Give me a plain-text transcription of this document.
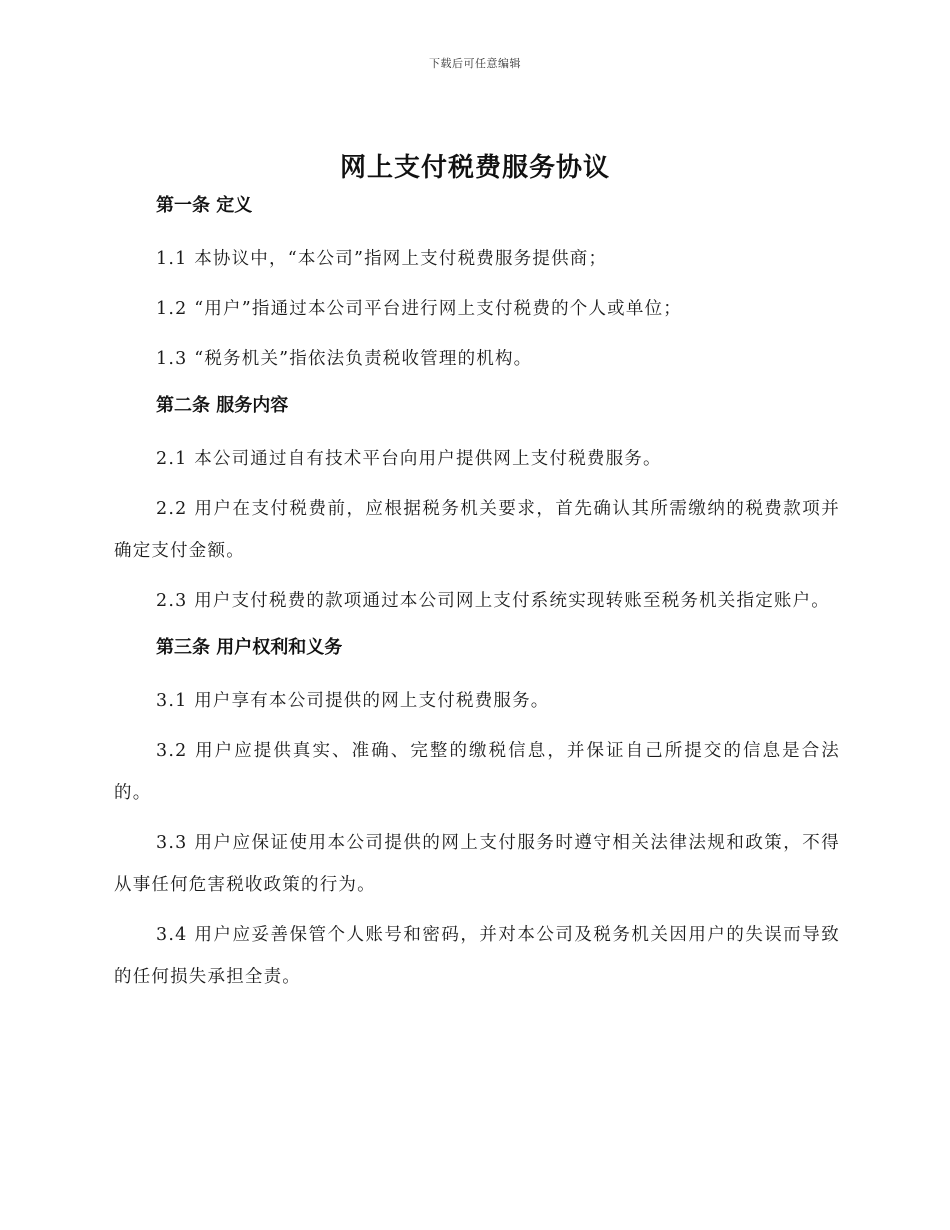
下载后可任意编辑
网上支付税费服务协议
第一条 定义

1.1 本协议中，“本公司”指网上支付税费服务提供商；

1.2 “用户”指通过本公司平台进行网上支付税费的个人或单位；

1.3 “税务机关”指依法负责税收管理的机构。

第二条 服务内容

2.1 本公司通过自有技术平台向用户提供网上支付税费服务。

2.2 用户在支付税费前，应根据税务机关要求，首先确认其所需缴纳的税费款项并确定支付金额。

2.3 用户支付税费的款项通过本公司网上支付系统实现转账至税务机关指定账户。

第三条 用户权利和义务

3.1 用户享有本公司提供的网上支付税费服务。

3.2 用户应提供真实、准确、完整的缴税信息，并保证自己所提交的信息是合法的。

3.3 用户应保证使用本公司提供的网上支付服务时遵守相关法律法规和政策，不得从事任何危害税收政策的行为。

3.4 用户应妥善保管个人账号和密码，并对本公司及税务机关因用户的失误而导致的任何损失承担全责。
